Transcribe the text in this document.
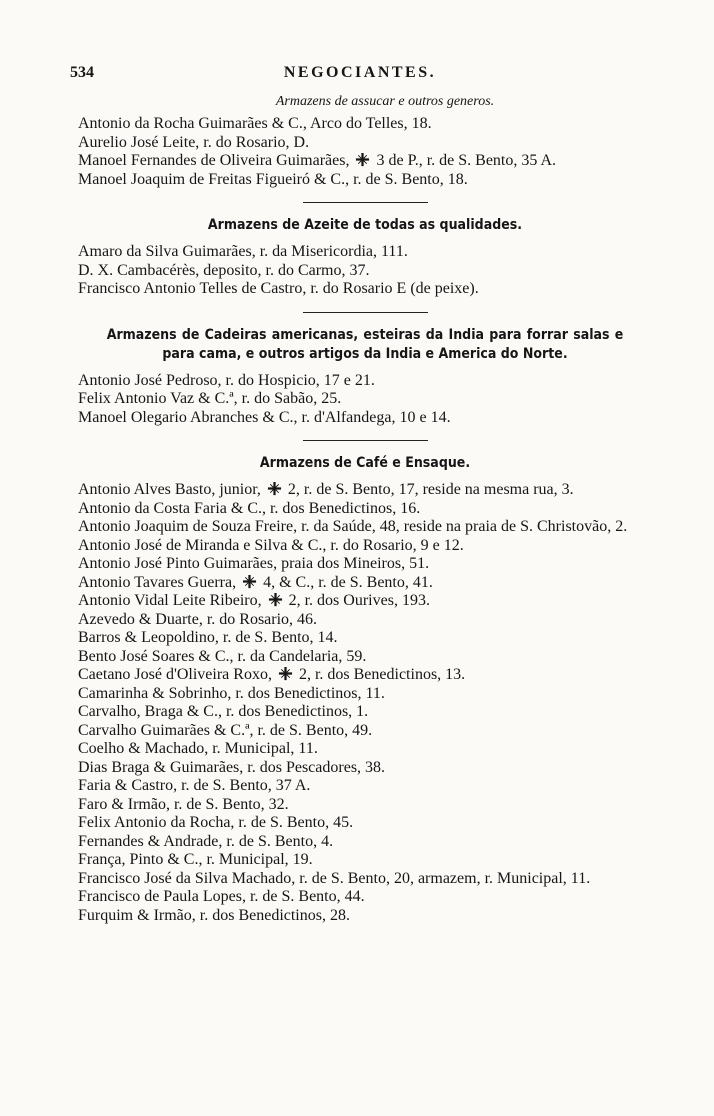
534	NEGOCIANTES.
Armazens de assucar e outros generos.

Antonio da Rocha Guimarães & C., Arco do Telles, 18.

Aurelio José Leite, r. do Rosario, D.

Manoel Fernandes de Oliveira Guimarães,  3 de P., r. de S. Bento, 35 A.

Manoel Joaquim de Freitas Figueiró & C., r. de S. Bento, 18.

Armazens de Azeite de todas as qualidades.

Amaro da Silva Guimarães, r. da Misericordia, 111.

D. X. Cambacérès, deposito, r. do Carmo, 37.

Francisco Antonio Telles de Castro, r. do Rosario E (de peixe).

Armazens de Cadeiras americanas, esteiras da India para forrar salas e para cama, e outros artigos da India e America do Norte.

Antonio José Pedroso, r. do Hospicio, 17 e 21.

Felix Antonio Vaz & C.ª, r. do Sabão, 25.

Manoel Olegario Abranches & C., r. d'Alfandega, 10 e 14.

Armazens de Café e Ensaque.

Antonio Alves Basto, junior,  2, r. de S. Bento, 17, reside na mesma rua, 3.

Antonio da Costa Faria & C., r. dos Benedictinos, 16.

Antonio Joaquim de Souza Freire, r. da Saúde, 48, reside na praia de S. Christovão, 2.

Antonio José de Miranda e Silva & C., r. do Rosario, 9 e 12.

Antonio José Pinto Guimarães, praia dos Mineiros, 51.

Antonio Tavares Guerra,  4, & C., r. de S. Bento, 41.

Antonio Vidal Leite Ribeiro,  2, r. dos Ourives, 193.

Azevedo & Duarte, r. do Rosario, 46.

Barros & Leopoldino, r. de S. Bento, 14.

Bento José Soares & C., r. da Candelaria, 59.

Caetano José d'Oliveira Roxo,  2, r. dos Benedictinos, 13.

Camarinha & Sobrinho, r. dos Benedictinos, 11.

Carvalho, Braga & C., r. dos Benedictinos, 1.

Carvalho Guimarães & C.ª, r. de S. Bento, 49.

Coelho & Machado, r. Municipal, 11.

Dias Braga & Guimarães, r. dos Pescadores, 38.

Faria & Castro, r. de S. Bento, 37 A.

Faro & Irmão, r. de S. Bento, 32.

Felix Antonio da Rocha, r. de S. Bento, 45.

Fernandes & Andrade, r. de S. Bento, 4.

França, Pinto & C., r. Municipal, 19.

Francisco José da Silva Machado, r. de S. Bento, 20, armazem, r. Municipal, 11.

Francisco de Paula Lopes, r. de S. Bento, 44.

Furquim & Irmão, r. dos Benedictinos, 28.
